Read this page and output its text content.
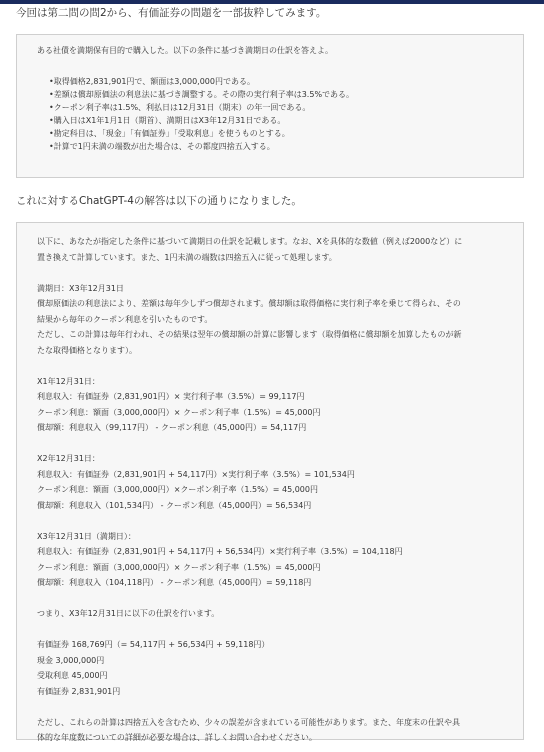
今回は第二問の問2から、有価証券の問題を一部抜粋してみます。
ある社債を満期保有目的で購入した。以下の条件に基づき満期日の仕訳を答えよ。
•取得価格2,831,901円で、額面は3,000,000円である。
•差額は償却原価法の利息法に基づき調整する。その際の実行利子率は3.5%である。
•クーポン利子率は1.5%、利払日は12月31日（期末）の年一回である。
•購入日はX1年1月1日（期首）、満期日はX3年12月31日である。
•勘定科目は、「現金」「有価証券」「受取利息」を使うものとする。
•計算で1円未満の端数が出た場合は、その都度四捨五入する。
これに対するChatGPT-4の解答は以下の通りになりました。
以下に、あなたが指定した条件に基づいて満期日の仕訳を記載します。なお、Xを具体的な数値（例えば2000など）に
置き換えて計算しています。また、1円未満の端数は四捨五入に従って処理します。
満期日：X3年12月31日
償却原価法の利息法により、差額は毎年少しずつ償却されます。償却額は取得価格に実行利子率を乗じて得られ、その
結果から毎年のクーポン利息を引いたものです。
ただし、この計算は毎年行われ、その結果は翌年の償却額の計算に影響します（取得価格に償却額を加算したものが新
たな取得価格となります）。
X1年12月31日：
利息収入：有価証券（2,831,901円）× 実行利子率（3.5%）= 99,117円
クーポン利息：額面（3,000,000円）× クーポン利子率（1.5%）= 45,000円
償却額：利息収入（99,117円） - クーポン利息（45,000円）= 54,117円
X2年12月31日：
利息収入：有価証券（2,831,901円 + 54,117円）×実行利子率（3.5%）= 101,534円
クーポン利息：額面（3,000,000円）×クーポン利子率（1.5%）= 45,000円
償却額：利息収入（101,534円） - クーポン利息（45,000円）= 56,534円
X3年12月31日（満期日）：
利息収入：有価証券（2,831,901円 + 54,117円 + 56,534円）×実行利子率（3.5%）= 104,118円
クーポン利息：額面（3,000,000円）× クーポン利子率（1.5%）= 45,000円
償却額：利息収入（104,118円） - クーポン利息（45,000円）= 59,118円
つまり、X3年12月31日に以下の仕訳を行います。
有価証券 168,769円（= 54,117円 + 56,534円 + 59,118円）
現金 3,000,000円
受取利息 45,000円
有価証券 2,831,901円
ただし、これらの計算は四捨五入を含むため、少々の誤差が含まれている可能性があります。また、年度末の仕訳や具
体的な年度数についての詳細が必要な場合は、詳しくお問い合わせください。
